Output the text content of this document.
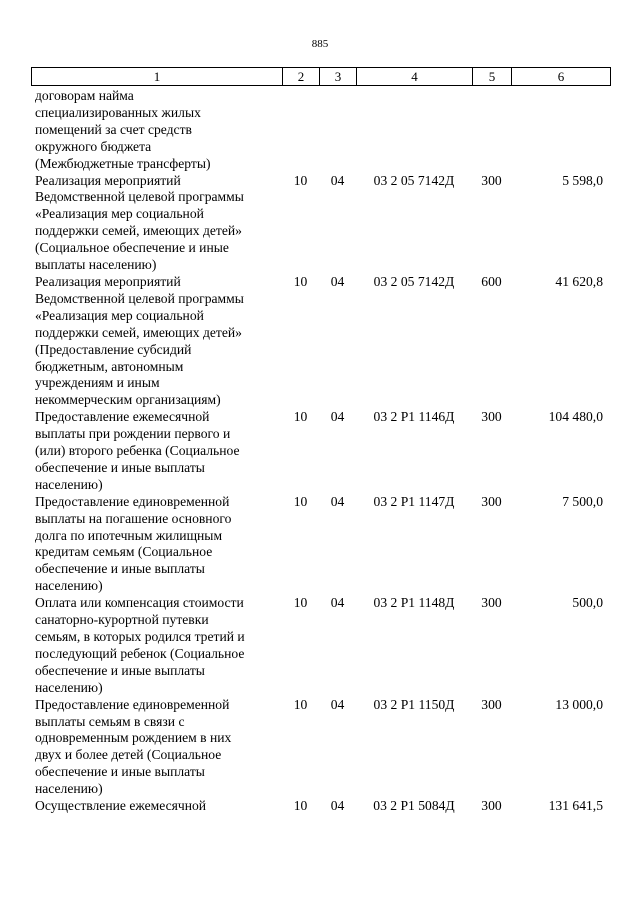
885
1	2	3	4	5	6
договорам найма
специализированных жилых
помещений за счет средств
окружного бюджета
(Межбюджетные трансферты)
Реализация мероприятий
Ведомственной целевой программы
«Реализация мер социальной
поддержки семей, имеющих детей»
(Социальное обеспечение и иные
выплаты населению)
10	04	03 2 05 7142Д	300	5 598,0
Реализация мероприятий
Ведомственной целевой программы
«Реализация мер социальной
поддержки семей, имеющих детей»
(Предоставление субсидий
бюджетным, автономным
учреждениям и иным
некоммерческим организациям)
10	04	03 2 05 7142Д	600	41 620,8
Предоставление ежемесячной
выплаты при рождении первого и
(или) второго ребенка (Социальное
обеспечение и иные выплаты
населению)
10	04	03 2 Р1 1146Д	300	104 480,0
Предоставление единовременной
выплаты на погашение основного
долга по ипотечным жилищным
кредитам семьям (Социальное
обеспечение и иные выплаты
населению)
10	04	03 2 Р1 1147Д	300	7 500,0
Оплата или компенсация стоимости
санаторно-курортной путевки
семьям, в которых родился третий и
последующий ребенок (Социальное
обеспечение и иные выплаты
населению)
10	04	03 2 Р1 1148Д	300	500,0
Предоставление единовременной
выплаты семьям в связи с
одновременным рождением в них
двух и более детей (Социальное
обеспечение и иные выплаты
населению)
10	04	03 2 Р1 1150Д	300	13 000,0
Осуществление ежемесячной	10	04	03 2 Р1 5084Д	300	131 641,5
